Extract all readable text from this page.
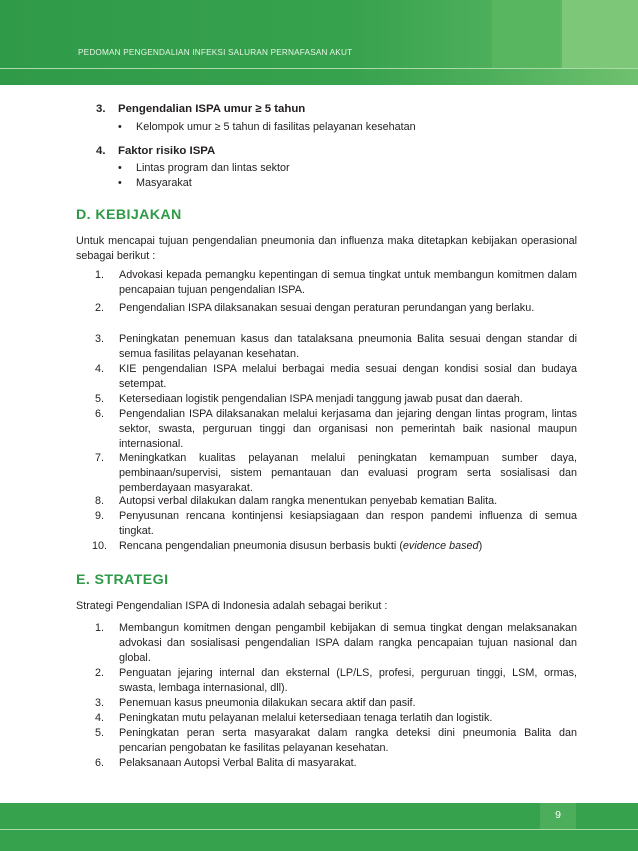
PEDOMAN PENGENDALIAN INFEKSI SALURAN PERNAFASAN AKUT
3. Pengendalian ISPA umur ≥ 5 tahun
• Kelompok umur ≥ 5 tahun di fasilitas pelayanan kesehatan
4. Faktor risiko ISPA
• Lintas program dan lintas sektor
• Masyarakat
D. KEBIJAKAN
Untuk mencapai tujuan pengendalian pneumonia dan influenza maka ditetapkan kebijakan operasional sebagai berikut :
1.	Advokasi kepada pemangku kepentingan di semua tingkat untuk membangun komitmen dalam pencapaian tujuan pengendalian ISPA.
2.	Pengendalian ISPA dilaksanakan sesuai dengan peraturan perundangan yang berlaku.
3.	Peningkatan penemuan kasus dan tatalaksana pneumonia Balita sesuai dengan standar di semua fasilitas pelayanan kesehatan.
4.	KIE pengendalian ISPA melalui berbagai media sesuai dengan kondisi sosial dan budaya setempat.
5.	Ketersediaan logistik pengendalian ISPA menjadi tanggung jawab pusat dan daerah.
6.	Pengendalian ISPA dilaksanakan melalui kerjasama dan jejaring dengan lintas program, lintas sektor, swasta, perguruan tinggi dan organisasi non pemerintah baik nasional maupun internasional.
7.	Meningkatkan kualitas pelayanan melalui peningkatan kemampuan sumber daya, pembinaan/supervisi, sistem pemantauan dan evaluasi program serta sosialisasi dan pemberdayaan masyarakat.
8.	Autopsi verbal dilakukan dalam rangka menentukan penyebab kematian Balita.
9.	Penyusunan rencana kontinjensi kesiapsiagaan dan respon pandemi influenza di semua tingkat.
10.	Rencana pengendalian pneumonia disusun berbasis bukti (evidence based)
E. STRATEGI
Strategi Pengendalian ISPA di Indonesia adalah sebagai berikut :
1.	Membangun komitmen dengan pengambil kebijakan di semua tingkat dengan melaksanakan advokasi dan sosialisasi pengendalian ISPA dalam rangka pencapaian tujuan nasional dan global.
2.	Penguatan jejaring internal dan eksternal (LP/LS, profesi, perguruan tinggi, LSM, ormas, swasta, lembaga internasional, dll).
3.	Penemuan kasus pneumonia dilakukan secara aktif dan pasif.
4.	Peningkatan mutu pelayanan melalui ketersediaan tenaga terlatih dan logistik.
5.	Peningkatan peran serta masyarakat dalam rangka deteksi dini pneumonia Balita dan pencarian pengobatan ke fasilitas pelayanan kesehatan.
6.	Pelaksanaan Autopsi Verbal Balita di masyarakat.
9
